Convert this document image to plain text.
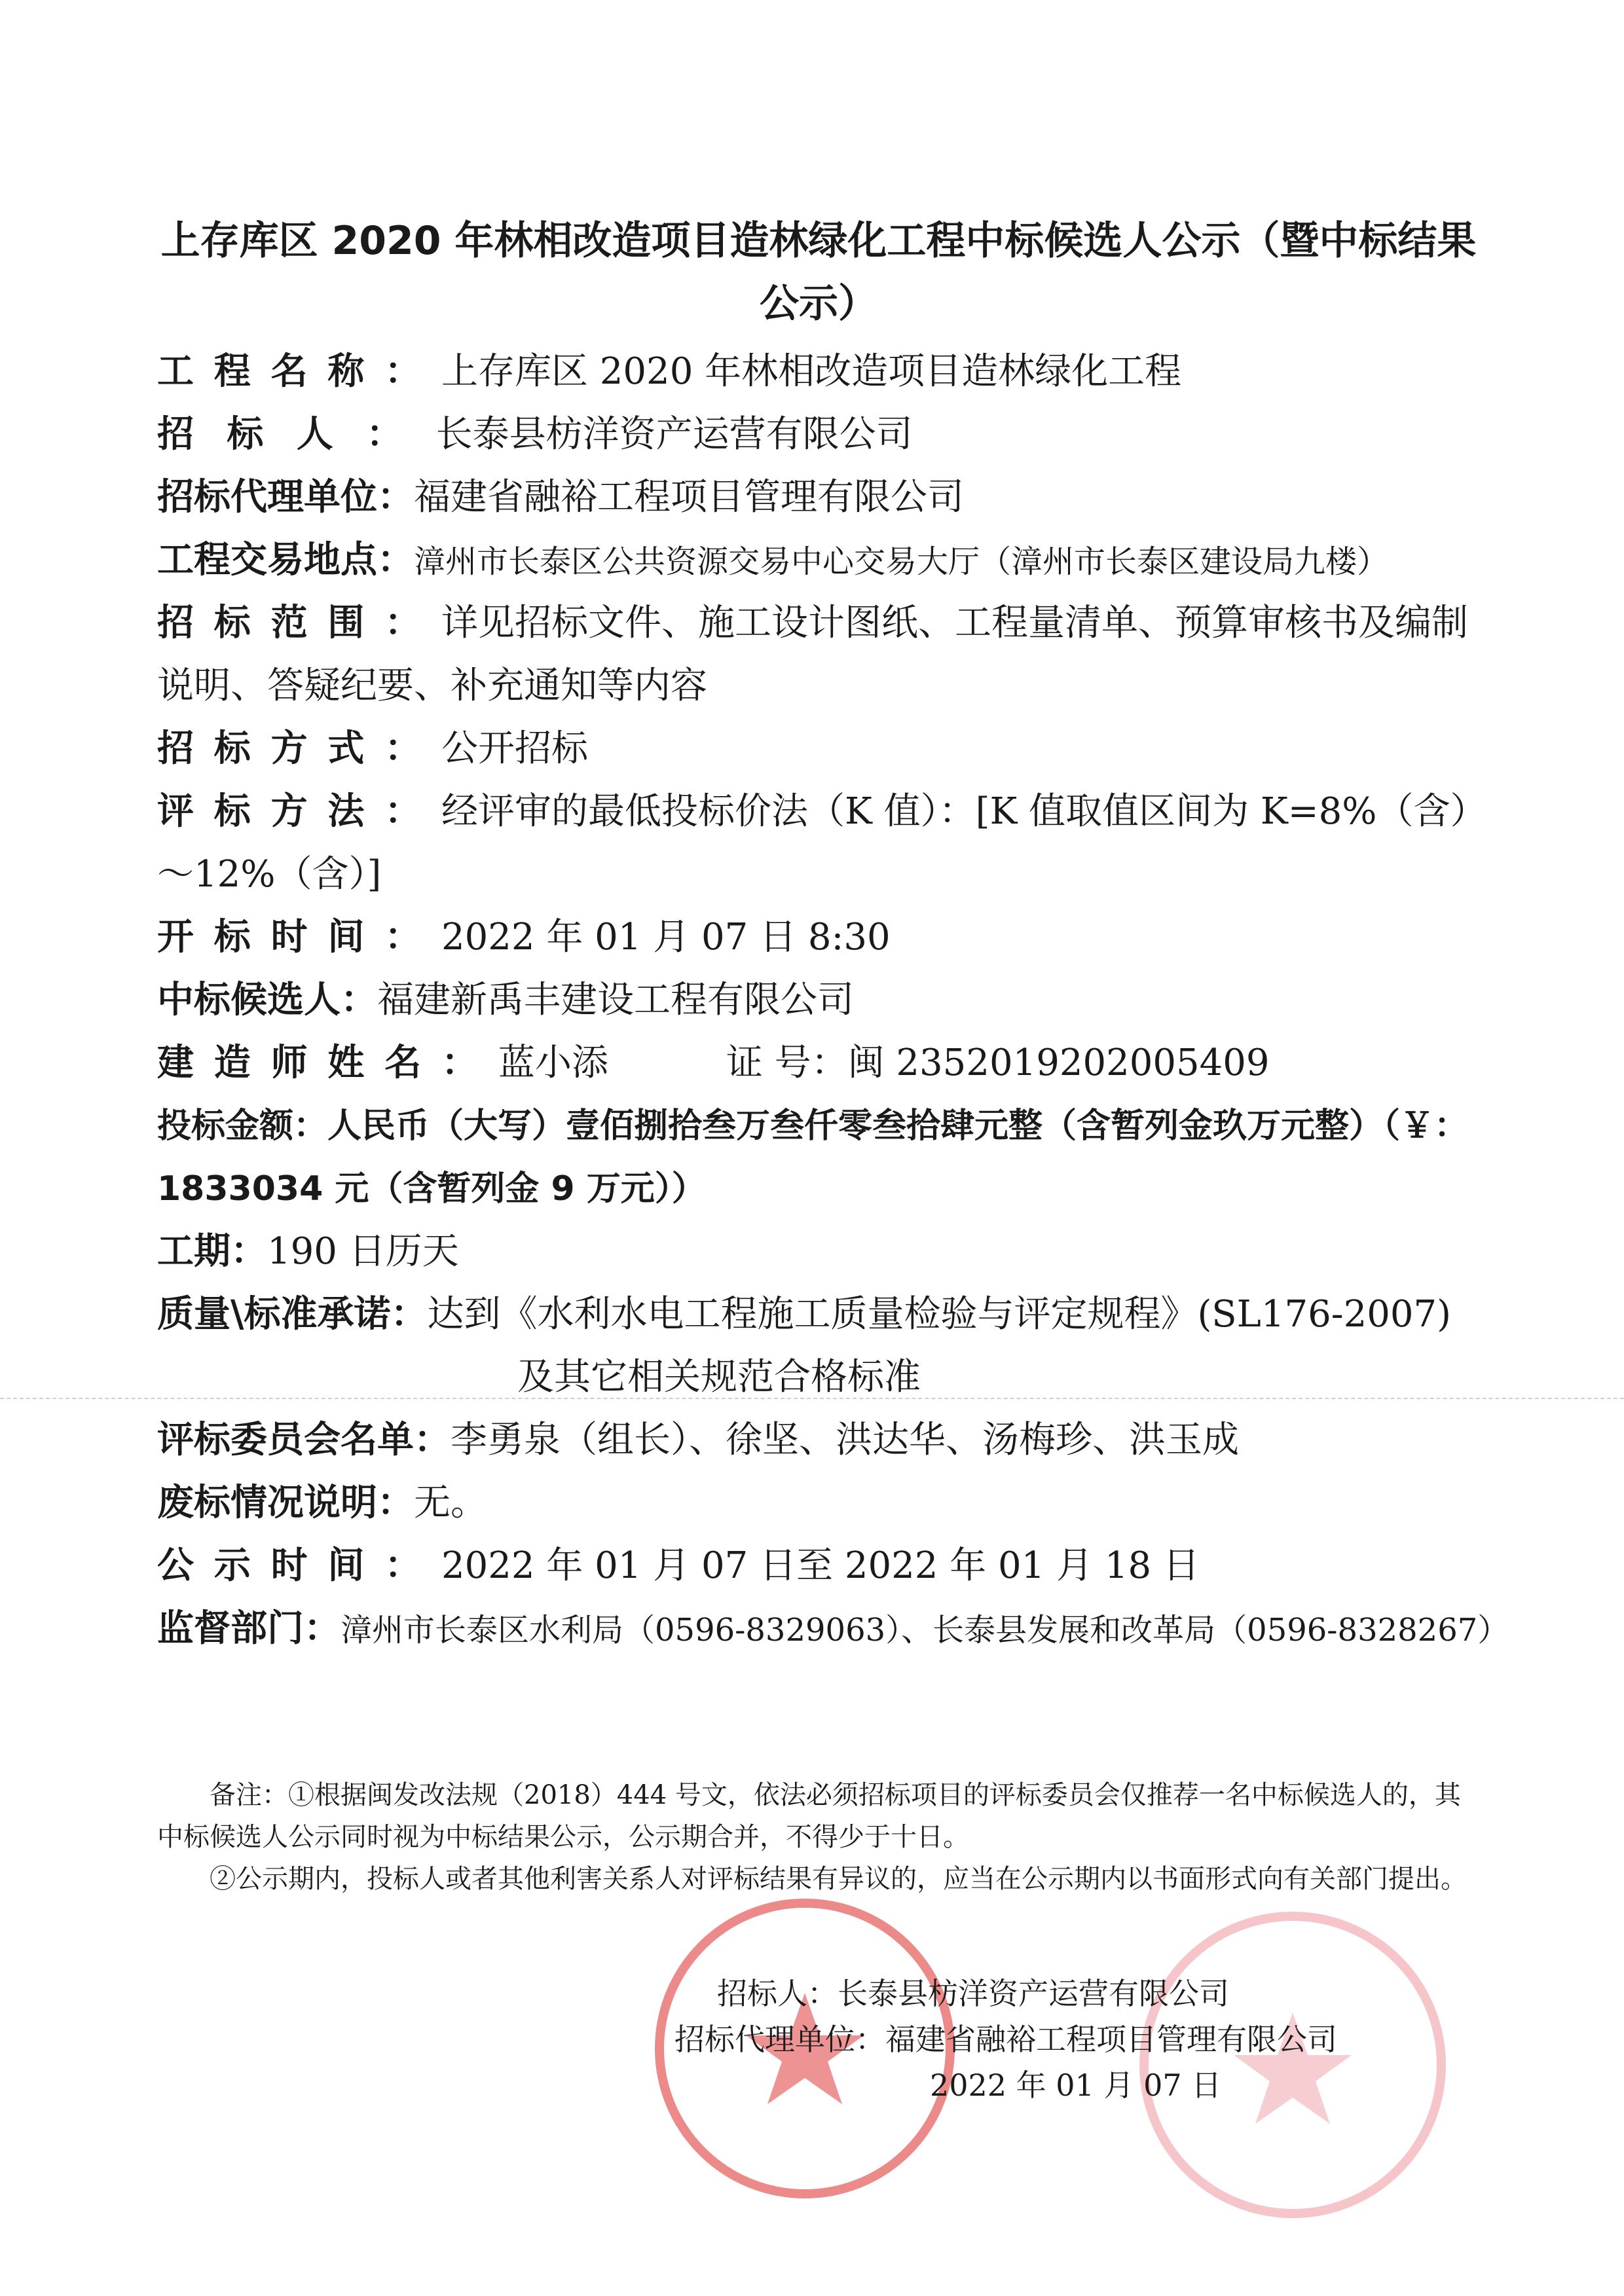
上存库区 2020 年林相改造项目造林绿化工程中标候选人公示（暨中标结果公示）
工程名称：上存库区 2020 年林相改造项目造林绿化工程
招标人：长泰县枋洋资产运营有限公司
招标代理单位：福建省融裕工程项目管理有限公司
工程交易地点：漳州市长泰区公共资源交易中心交易大厅（漳州市长泰区建设局九楼）
招标范围：详见招标文件、施工设计图纸、工程量清单、预算审核书及编制说明、答疑纪要、补充通知等内容
招标方式：公开招标
评标方法：经评审的最低投标价法（K 值）：[K 值取值区间为 K=8%（含）～12%（含）]
开标时间：2022 年 01 月 07 日 8:30
中标候选人：福建新禹丰建设工程有限公司
建造师姓名：蓝小添	证 号：闽 2352019202005409
投标金额：人民币（大写）壹佰捌拾叁万叁仟零叁拾肆元整（含暂列金玖万元整）（￥：1833034 元（含暂列金 9 万元））
工期：190 日历天
质量\标准承诺：达到《水利水电工程施工质量检验与评定规程》(SL176-2007)
及其它相关规范合格标准
评标委员会名单：李勇泉（组长）、徐坚、洪达华、汤梅珍、洪玉成
废标情况说明：无。
公示时间：2022 年 01 月 07 日至 2022 年 01 月 18 日
监督部门：漳州市长泰区水利局（0596-8329063）、长泰县发展和改革局（0596-8328267）
备注：①根据闽发改法规（2018）444 号文，依法必须招标项目的评标委员会仅推荐一名中标候选人的，其中标候选人公示同时视为中标结果公示，公示期合并，不得少于十日。
②公示期内，投标人或者其他利害关系人对评标结果有异议的，应当在公示期内以书面形式向有关部门提出。
招标人：长泰县枋洋资产运营有限公司
招标代理单位：福建省融裕工程项目管理有限公司
2022 年 01 月 07 日
